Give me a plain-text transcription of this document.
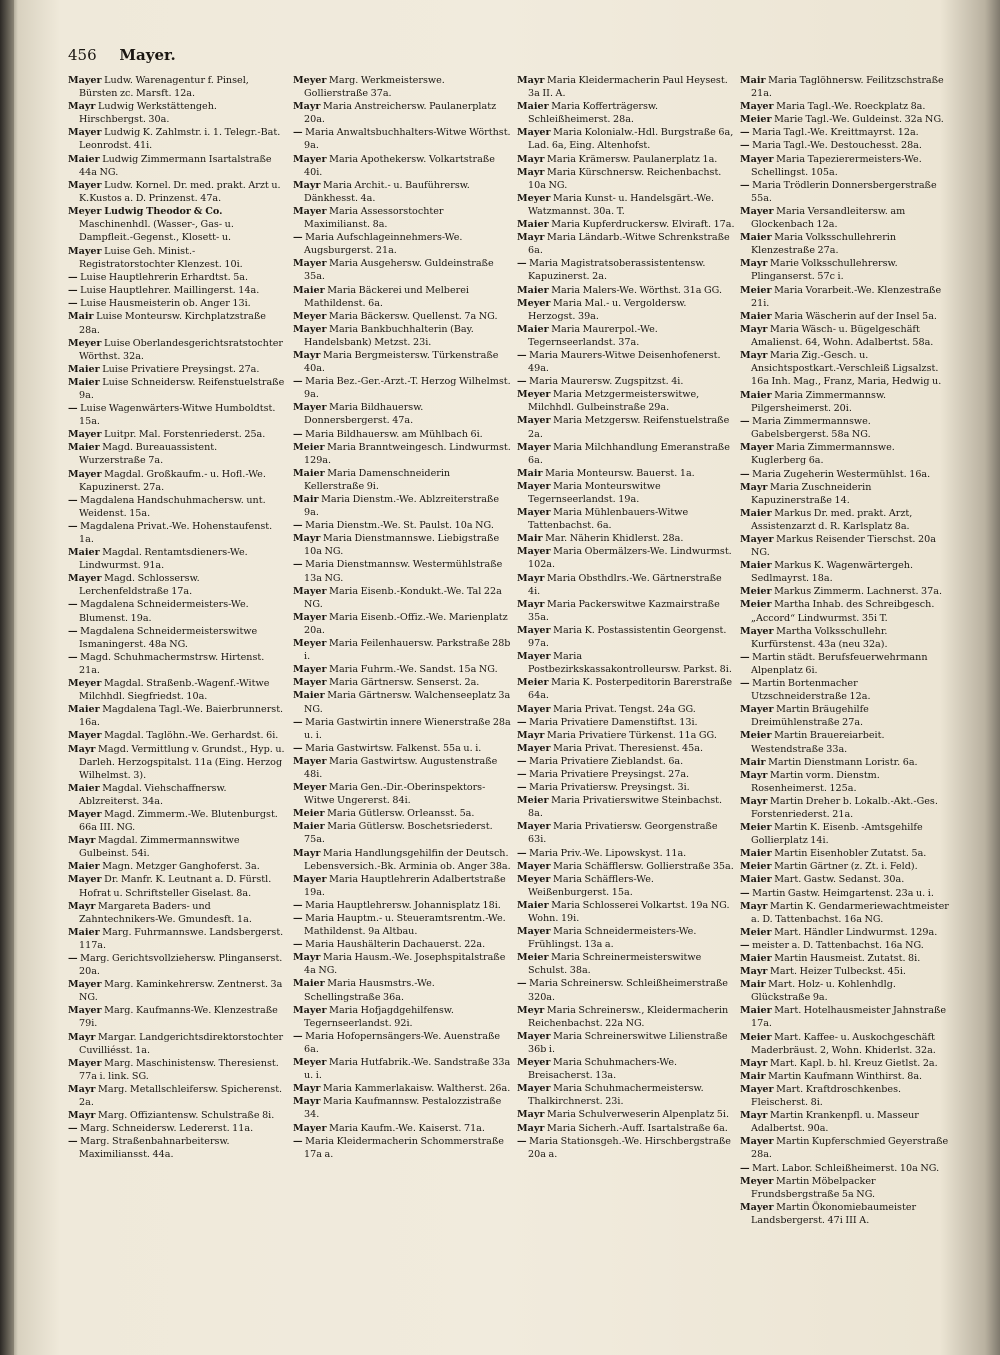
456 Mayer.

Mayer Ludw. Warenagentur f. Pinsel, Bürsten zc. Marsft. 12a.

Mayr Ludwig Werkstättengeh. Hirschbergst. 30a.

Mayer Ludwig K. Zahlmstr. i. 1. Telegr.-Bat. Leonrodst. 41i.

Maier Ludwig Zimmermann Isartalstraße 44a NG.

Mayer Ludw. Kornel. Dr. med. prakt. Arzt u. K.Kustos a. D. Prinzenst. 47a.

Meyer Ludwig Theodor & Co. Maschinenhdl. (Wasser-, Gas- u. Dampfleit.-Gegenst., Klosett- u.

Mayer Luise Geh. Minist.-Registratorstochter Klenzest. 10i.

— Luise Hauptlehrerin Erhardtst. 5a.

— Luise Hauptlehrer. Maillingerst. 14a.

— Luise Hausmeisterin ob. Anger 13i.

Mair Luise Monteursw. Kirchplatzstraße 28a.

Meyer Luise Oberlandesgerichtsratstochter Wörthst. 32a.

Maier Luise Privatiere Preysingst. 27a.

Maier Luise Schneidersw. Reifenstuelstraße 9a.

— Luise Wagenwärters-Witwe Humboldtst. 15a.

Mayer Luitpr. Mal. Forstenriederst. 25a.

Maier Magd. Bureauassistent. Wurzerstraße 7a.

Mayer Magdal. Großkaufm.- u. Hofl.-We. Kapuzinerst. 27a.

— Magdalena Handschuhmachersw. unt. Weidenst. 15a.

— Magdalena Privat.-We. Hohenstaufenst. 1a.

Maier Magdal. Rentamtsdieners-We. Lindwurmst. 91a.

Mayer Magd. Schlossersw. Lerchenfeldstraße 17a.

— Magdalena Schneidermeisters-We. Blumenst. 19a.

— Magdalena Schneidermeisterswitwe Ismaningerst. 48a NG.

— Magd. Schuhmachermstrsw. Hirtenst. 21a.

Meyer Magdal. Straßenb.-Wagenf.-Witwe Milchhdl. Siegfriedst. 10a.

Maier Magdalena Tagl.-We. Baierbrunnerst. 16a.

Mayer Magdal. Taglöhn.-We. Gerhardst. 6i.

Mayr Magd. Vermittlung v. Grundst., Hyp. u. Darleh. Herzogspitalst. 11a (Eing. Herzog Wilhelmst. 3).

Maier Magdal. Viehschaffnersw. Ablzreiterst. 34a.

Mayer Magd. Zimmerm.-We. Blutenburgst. 66a III. NG.

Mayr Magdal. Zimmermannswitwe Gulbeinst. 54i.

Maier Magn. Metzger Ganghoferst. 3a.

Mayer Dr. Manfr. K. Leutnant a. D. Fürstl. Hofrat u. Schriftsteller Giselast. 8a.

Mayr Margareta Baders- und Zahntechnikers-We. Gmundesft. 1a.

Maier Marg. Fuhrmannswe. Landsbergerst. 117a.

— Marg. Gerichtsvollziehersw. Plinganserst. 20a.

Mayer Marg. Kaminkehrersw. Zentnerst. 3a NG.

Mayer Marg. Kaufmanns-We. Klenzestraße 79i.

Mayr Margar. Landgerichtsdirektorstochter Cuvilliésst. 1a.

Mayer Marg. Maschinistensw. Theresienst. 77a i. link. SG.

Mayr Marg. Metallschleifersw. Spicherenst. 2a.

Mayr Marg. Offiziantensw. Schulstraße 8i.

— Marg. Schneidersw. Ledererst. 11a.

— Marg. Straßenbahnarbeitersw. Maximiliansst. 44a.

Meyer Marg. Werkmeisterswe. Gollierstraße 37a.

Mayr Maria Anstreichersw. Paulanerplatz 20a.

— Maria Anwaltsbuchhalters-Witwe Wörthst. 9a.

Mayer Maria Apothekersw. Volkartstraße 40i.

Mayr Maria Archit.- u. Bauführersw. Dänkhesst. 4a.

Mayer Maria Assessorstochter Maximilianst. 8a.

— Maria Aufschlageinnehmers-We. Augsburgerst. 21a.

Mayer Maria Ausgehersw. Guldeinstraße 35a.

Maier Maria Bäckerei und Melberei Mathildenst. 6a.

Meyer Maria Bäckersw. Quellenst. 7a NG.

Mayer Maria Bankbuchhalterin (Bay. Handelsbank) Metzst. 23i.

Mayr Maria Bergmeistersw. Türkenstraße 40a.

— Maria Bez.-Ger.-Arzt.-T. Herzog Wilhelmst. 9a.

Mayer Maria Bildhauersw. Donnersbergerst. 47a.

— Maria Bildhauersw. am Mühlbach 6i.

Meier Maria Branntweingesch. Lindwurmst. 129a.

Maier Maria Damenschneiderin Kellerstraße 9i.

Mair Maria Dienstm.-We. Ablzreiterstraße 9a.

— Maria Dienstm.-We. St. Paulst. 10a NG.

Mayr Maria Dienstmannswe. Liebigstraße 10a NG.

— Maria Dienstmannsw. Westermühlstraße 13a NG.

Mayer Maria Eisenb.-Kondukt.-We. Tal 22a NG.

Mayer Maria Eisenb.-Offiz.-We. Marienplatz 20a.

Meyer Maria Feilenhauersw. Parkstraße 28b i.

Mayer Maria Fuhrm.-We. Sandst. 15a NG.

Mayer Maria Gärtnersw. Senserst. 2a.

Maier Maria Gärtnersw. Walchenseeplatz 3a NG.

— Maria Gastwirtin innere Wienerstraße 28a u. i.

— Maria Gastwirtsw. Falkenst. 55a u. i.

Mayer Maria Gastwirtsw. Augustenstraße 48i.

Meyer Maria Gen.-Dir.-Oberinspektors-Witwe Ungererst. 84i.

Meier Maria Gütlersw. Orleansst. 5a.

Maier Maria Gütlersw. Boschetsriederst. 75a.

Mayr Maria Handlungsgehilfin der Deutsch. Lebensversich.-Bk. Arminia ob. Anger 38a.

Mayer Maria Hauptlehrerin Adalbertstraße 19a.

— Maria Hauptlehrersw. Johannisplatz 18i.

— Maria Hauptm.- u. Steueramtsrentm.-We. Mathildenst. 9a Altbau.

— Maria Haushälterin Dachauerst. 22a.

Mayr Maria Hausm.-We. Josephspitalstraße 4a NG.

Maier Maria Hausmstrs.-We. Schellingstraße 36a.

Mayer Maria Hofjagdgehilfensw. Tegernseerlandst. 92i.

— Maria Hofopernsängers-We. Auenstraße 6a.

Meyer Maria Hutfabrik.-We. Sandstraße 33a u. i.

Mayr Maria Kammerlakaisw. Waltherst. 26a.

Mayr Maria Kaufmannsw. Pestalozzistraße 34.

Mayer Maria Kaufm.-We. Kaiserst. 71a.

— Maria Kleidermacherin Schommerstraße 17a a.

Mayr Maria Kleidermacherin Paul Heysest. 3a II. A.

Maier Maria Kofferträgersw. Schleißheimerst. 28a.

Mayer Maria Kolonialw.-Hdl. Burgstraße 6a, Lad. 6a, Eing. Altenhofst.

Mayr Maria Krämersw. Paulanerplatz 1a.

Mayr Maria Kürschnersw. Reichenbachst. 10a NG.

Meyer Maria Kunst- u. Handelsgärt.-We. Watzmannst. 30a. T.

Maier Maria Kupferdruckersw. Elviraft. 17a.

Mayr Maria Ländarb.-Witwe Schrenkstraße 6a.

— Maria Magistratsoberassistentensw. Kapuzinerst. 2a.

Maier Maria Malers-We. Wörthst. 31a GG.

Meyer Maria Mal.- u. Vergoldersw. Herzogst. 39a.

Maier Maria Maurerpol.-We. Tegernseerlandst. 37a.

— Maria Maurers-Witwe Deisenhofenerst. 49a.

— Maria Maurersw. Zugspitzst. 4i.

Meyer Maria Metzgermeisterswitwe, Milchhdl. Gulbeinstraße 29a.

Mayer Maria Metzgersw. Reifenstuelstraße 2a.

Mayer Maria Milchhandlung Emeranstraße 6a.

Mair Maria Monteursw. Bauerst. 1a.

Mayer Maria Monteurswitwe Tegernseerlandst. 19a.

Mayer Maria Mühlenbauers-Witwe Tattenbachst. 6a.

Mair Mar. Näherin Khidlerst. 28a.

Mayer Maria Obermälzers-We. Lindwurmst. 102a.

Mayr Maria Obsthdlrs.-We. Gärtnerstraße 4i.

Mayr Maria Packerswitwe Kazmairstraße 35a.

Mayer Maria K. Postassistentin Georgenst. 97a.

Mayer Maria Postbezirkskassakontrolleursw. Parkst. 8i.

Meier Maria K. Posterpeditorin Barerstraße 64a.

Mayer Maria Privat. Tengst. 24a GG.

— Maria Privatiere Damenstiftst. 13i.

Mayr Maria Privatiere Türkenst. 11a GG.

Mayer Maria Privat. Theresienst. 45a.

— Maria Privatiere Zieblandst. 6a.

— Maria Privatiere Preysingst. 27a.

— Maria Privatiersw. Preysingst. 3i.

Meier Maria Privatierswitwe Steinbachst. 8a.

Mayer Maria Privatiersw. Georgenstraße 63i.

— Maria Priv.-We. Lipowskyst. 11a.

Mayer Maria Schäfflersw. Gollierstraße 35a.

Meyer Maria Schäfflers-We. Weißenburgerst. 15a.

Maier Maria Schlosserei Volkartst. 19a NG. Wohn. 19i.

Mayer Maria Schneidermeisters-We. Frühlingst. 13a a.

Meier Maria Schreinermeisterswitwe Schulst. 38a.

— Maria Schreinersw. Schleißheimerstraße 320a.

Meyr Maria Schreinersw., Kleidermacherin Reichenbachst. 22a NG.

Mayer Maria Schreinerswitwe Lilienstraße 36b i.

Meyer Maria Schuhmachers-We. Breisacherst. 13a.

Mayer Maria Schuhmachermeistersw. Thalkirchnerst. 23i.

Mayr Maria Schulverweserin Alpenplatz 5i.

Mayr Maria Sicherh.-Auff. Isartalstraße 6a.

— Maria Stationsgeh.-We. Hirschbergstraße 20a a.

Mair Maria Taglöhnersw. Feilitzschstraße 21a.

Mayer Maria Tagl.-We. Roeckplatz 8a.

Meier Marie Tagl.-We. Guldeinst. 32a NG.

— Maria Tagl.-We. Kreittmayrst. 12a.

— Maria Tagl.-We. Destouchesst. 28a.

Mayer Maria Tapezierermeisters-We. Schellingst. 105a.

— Maria Trödlerin Donnersbergerstraße 55a.

Mayer Maria Versandleitersw. am Glockenbach 12a.

Maier Maria Volksschullehrerin Klenzestraße 27a.

Mayr Marie Volksschullehrersw. Plinganserst. 57c i.

Meier Maria Vorarbeit.-We. Klenzestraße 21i.

Maier Maria Wäscherin auf der Insel 5a.

Mayr Maria Wäsch- u. Bügelgeschäft Amalienst. 64, Wohn. Adalbertst. 58a.

Mayr Maria Zig.-Gesch. u. Ansichtspostkart.-Verschleiß Ligsalzst. 16a Inh. Mag., Franz, Maria, Hedwig u.

Maier Maria Zimmermannsw. Pilgersheimerst. 20i.

— Maria Zimmermannswe. Gabelsbergerst. 58a NG.

Mayer Maria Zimmermannswe. Kuglerberg 6a.

— Maria Zugeherin Westermühlst. 16a.

Mayr Maria Zuschneiderin Kapuzinerstraße 14.

Maier Markus Dr. med. prakt. Arzt, Assistenzarzt d. R. Karlsplatz 8a.

Mayer Markus Reisender Tierschst. 20a NG.

Maier Markus K. Wagenwärtergeh. Sedlmayrst. 18a.

Meier Markus Zimmerm. Lachnerst. 37a.

Meier Martha Inhab. des Schreibgesch. „Accord“ Lindwurmst. 35i T.

Mayer Martha Volksschullehr. Kurfürstenst. 43a (neu 32a).

— Martin städt. Berufsfeuerwehrmann Alpenplatz 6i.

— Martin Bortenmacher Utzschneiderstraße 12a.

Mayer Martin Bräugehilfe Dreimühlenstraße 27a.

Meier Martin Brauereiarbeit. Westendstraße 33a.

Mair Martin Dienstmann Loristr. 6a.

Mayr Martin vorm. Dienstm. Rosenheimerst. 125a.

Mayr Martin Dreher b. Lokalb.-Akt.-Ges. Forstenriederst. 21a.

Meier Martin K. Eisenb. -Amtsgehilfe Gollierplatz 14i.

Maier Martin Eisenhobler Zutatst. 5a.

Meier Martin Gärtner (z. Zt. i. Feld).

Maier Mart. Gastw. Sedanst. 30a.

— Martin Gastw. Heimgartenst. 23a u. i.

Mayr Martin K. Gendarmeriewachtmeister a. D. Tattenbachst. 16a NG.

Meier Mart. Händler Lindwurmst. 129a.

— meister a. D. Tattenbachst. 16a NG.

Maier Martin Hausmeist. Zutatst. 8i.

Mayr Mart. Heizer Tulbeckst. 45i.

Mair Mart. Holz- u. Kohlenhdlg. Glückstraße 9a.

Maier Mart. Hotelhausmeister Jahnstraße 17a.

Meier Mart. Kaffee- u. Auskochgeschäft Maderbräust. 2, Wohn. Khiderlst. 32a.

Mayr Mart. Kapl. b. hl. Kreuz Gietlst. 2a.

Mair Martin Kaufmann Winthirst. 8a.

Mayer Mart. Kraftdroschkenbes. Fleischerst. 8i.

Mayr Martin Krankenpfl. u. Masseur Adalbertst. 90a.

Mayer Martin Kupferschmied Geyerstraße 28a.

— Mart. Labor. Schleißheimerst. 10a NG.

Meyer Martin Möbelpacker Frundsbergstraße 5a NG.

Mayer Martin Ökonomiebaumeister Landsbergerst. 47i III A.
